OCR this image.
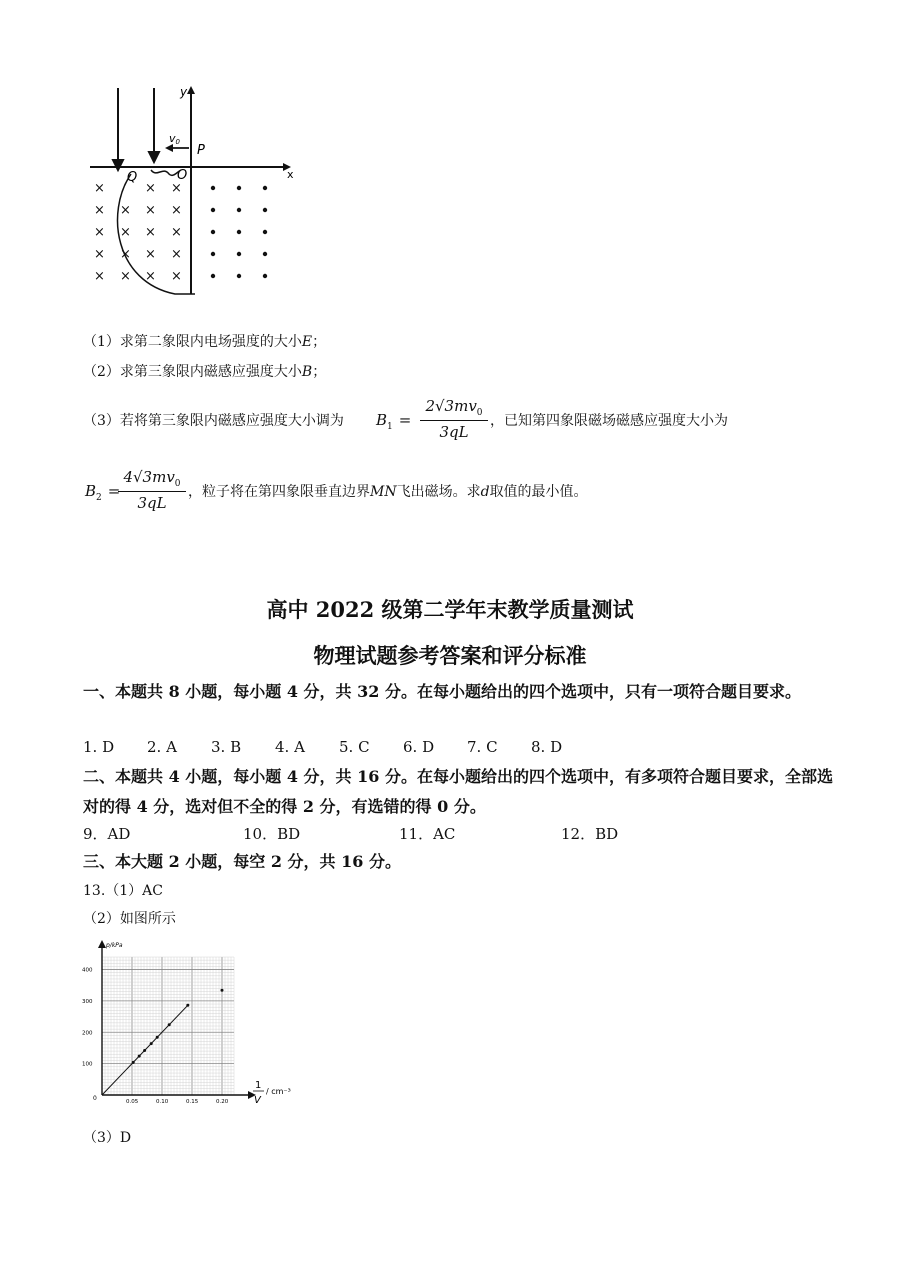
x
y
v0
P
O
Q
×	× ×
× × × ×
× × × ×
× × × ×
× × × ×
（1）求第二象限内电场强度的大小E；
（2）求第三象限内磁感应强度大小B；
（3）若将第三象限内磁感应强度大小调为 $B_1$ =
$2√3mv_0$
3qL
，已知第四象限磁场磁感应强度大小为
$B_2$ =
$4√3mv_0$
3qL
，粒子将在第四象限垂直边界MN飞出磁场。求d取值的最小值。
高中 2022 级第二学年末教学质量测试
物理试题参考答案和评分标准
一、本题共 8 小题，每小题 4 分，共 32 分。在每小题给出的四个选项中，只有一项符合题目要求。
1. D 2. A 3. B 4. A 5. C 6. D 7. C 8. D
二、本题共 4 小题，每小题 4 分，共 16 分。在每小题给出的四个选项中，有多项符合题目要求，全部选对的得 4 分，选对但不全的得 2 分，有选错的得 0 分。
9．AD	10．BD	11．AC	12．BD
三、本大题 2 小题，每空 2 分，共 16 分。
13.（1）AC
（2）如图所示
p/kPa
0
1
V
/ cm⁻³
0.05	0.10	0.15	0.20
100
200
300
400
（3）D
